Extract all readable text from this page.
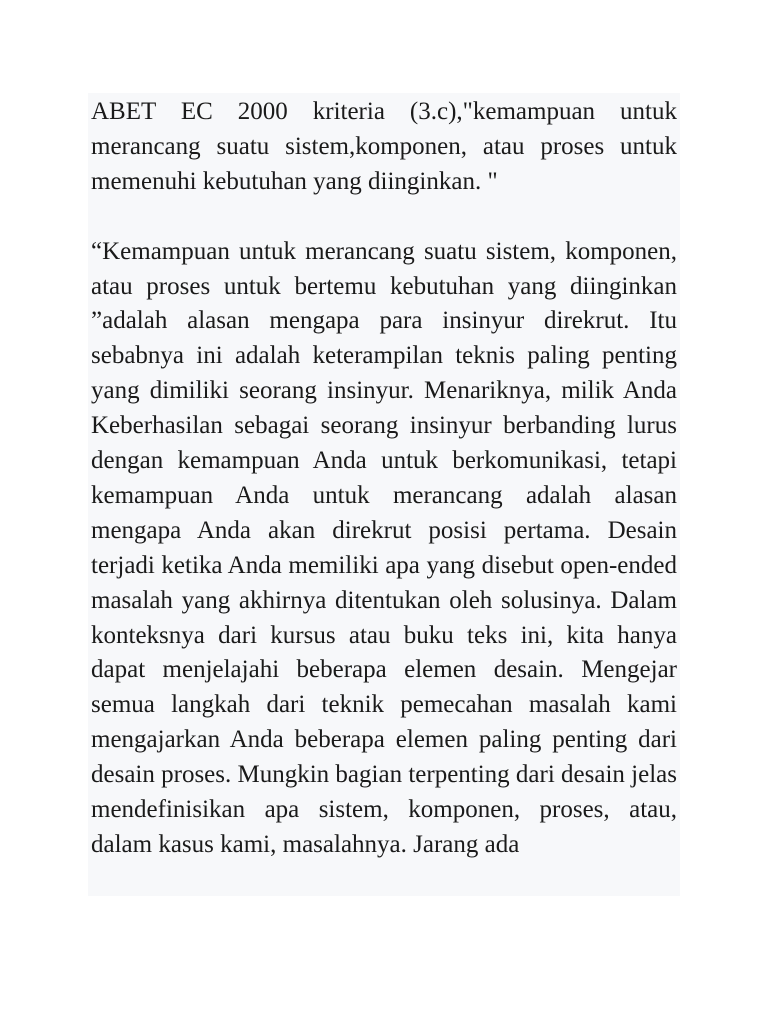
ABET EC 2000 kriteria (3.c),"kemampuan untuk merancang suatu sistem,komponen, atau proses untuk memenuhi kebutuhan yang diinginkan. "

“Kemampuan untuk merancang suatu sistem, komponen, atau proses untuk bertemu kebutuhan yang diinginkan ”adalah alasan mengapa para insinyur direkrut. Itu sebabnya ini adalah keterampilan teknis paling penting yang dimiliki seorang insinyur. Menariknya, milik Anda Keberhasilan sebagai seorang insinyur berbanding lurus dengan kemampuan Anda untuk berkomunikasi, tetapi kemampuan Anda untuk merancang adalah alasan mengapa Anda akan direkrut posisi pertama. Desain terjadi ketika Anda memiliki apa yang disebut open-ended masalah yang akhirnya ditentukan oleh solusinya. Dalam konteksnya dari kursus atau buku teks ini, kita hanya dapat menjelajahi beberapa elemen desain. Mengejar semua langkah dari teknik pemecahan masalah kami mengajarkan Anda beberapa elemen paling penting dari desain proses. Mungkin bagian terpenting dari desain jelas mendefinisikan apa sistem, komponen, proses, atau, dalam kasus kami, masalahnya. Jarang ada
